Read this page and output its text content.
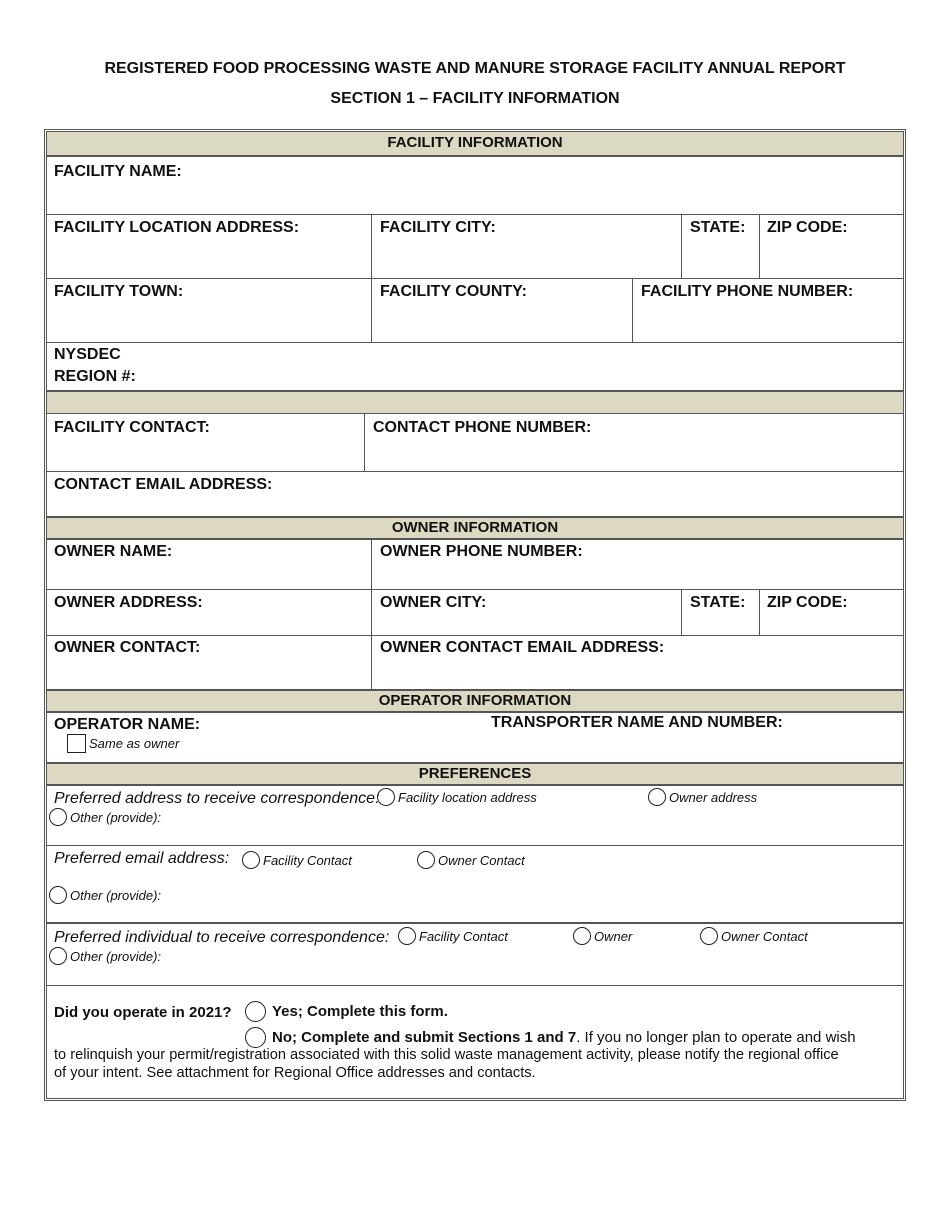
REGISTERED FOOD PROCESSING WASTE AND MANURE STORAGE FACILITY ANNUAL REPORT
SECTION 1 – FACILITY INFORMATION
FACILITY INFORMATION
FACILITY NAME:
FACILITY LOCATION ADDRESS:	FACILITY CITY:	STATE: ZIP CODE:
FACILITY TOWN:	FACILITY COUNTY:	FACILITY PHONE NUMBER:
NYSDEC
REGION #:
FACILITY CONTACT:	CONTACT PHONE NUMBER:
CONTACT EMAIL ADDRESS:
OWNER INFORMATION
OWNER NAME:	OWNER PHONE NUMBER:
OWNER ADDRESS:	OWNER CITY:	STATE: ZIP CODE:
OWNER CONTACT:	OWNER CONTACT EMAIL ADDRESS:
OPERATOR INFORMATION
OPERATOR NAME:
Same as owner
TRANSPORTER NAME AND NUMBER:
PREFERENCES
Preferred address to receive correspondence: Facility location address	Owner address
Other (provide):
Preferred email address:	Facility Contact	Owner Contact
Other (provide):
Preferred individual to receive correspondence: Facility Contact	Owner	Owner Contact
Other (provide):
Did you operate in 2021?	Yes; Complete this form.
No; Complete and submit Sections 1 and 7 . If you no longer plan to operate and wish
to relinquish your permit/registration associated with this solid waste management activity, please notify the regional office
of your intent. See attachment for Regional Office addresses and contacts.
